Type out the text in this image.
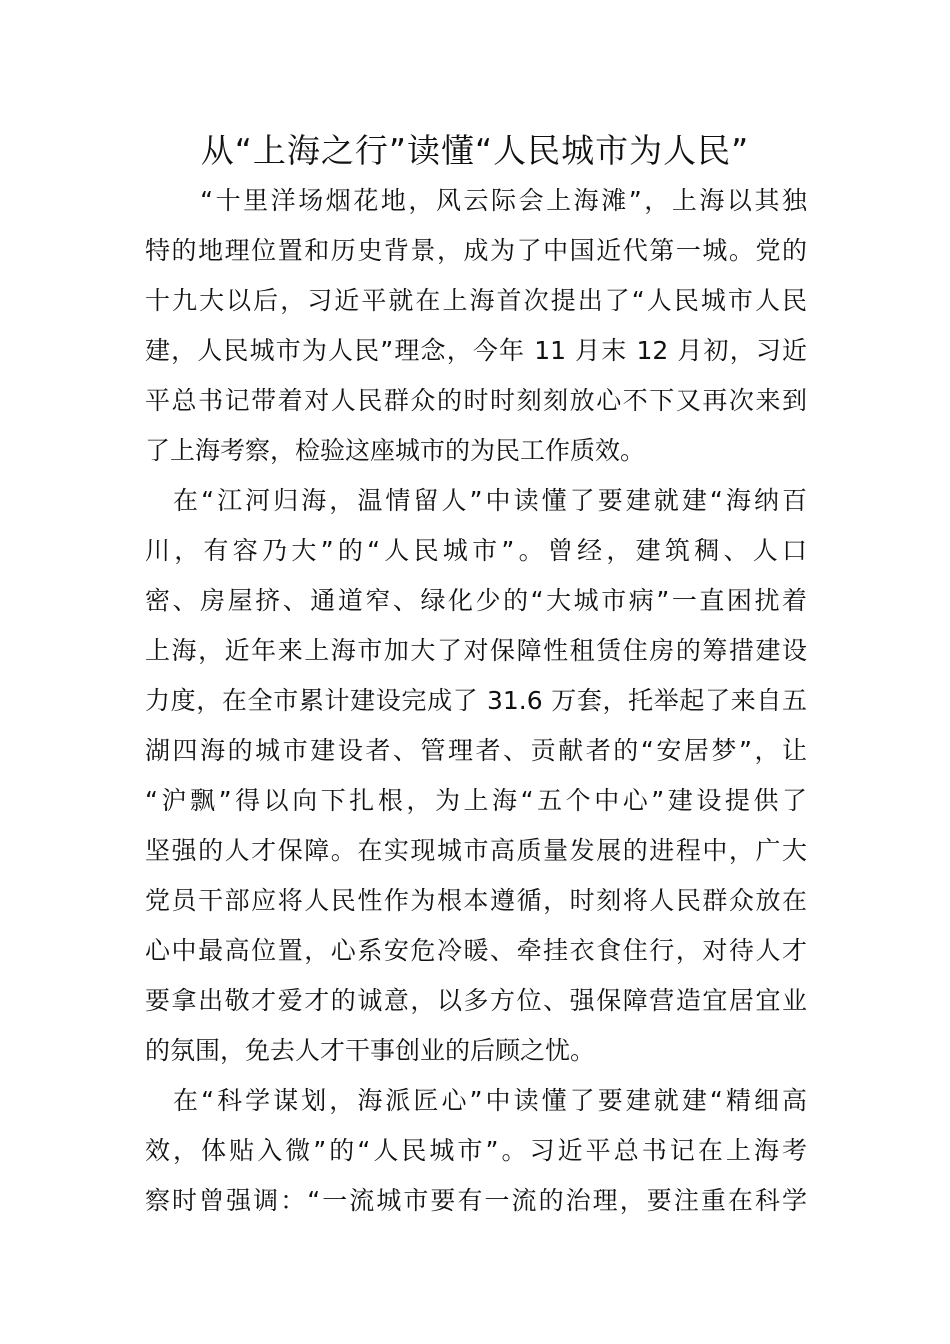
从“上海之行”读懂“人民城市为人民”
　　“十里洋场烟花地，风云际会上海滩”，上海以其独
特的地理位置和历史背景，成为了中国近代第一城。党的
十九大以后，习近平就在上海首次提出了“人民城市人民
建，人民城市为人民”理念，今年 11 月末 12 月初，习近
平总书记带着对人民群众的时时刻刻放心不下又再次来到
了上海考察，检验这座城市的为民工作质效。
　在“江河归海，温情留人”中读懂了要建就建“海纳百
川，有容乃大”的“人民城市”。曾经，建筑稠、人口
密、房屋挤、通道窄、绿化少的“大城市病”一直困扰着
上海，近年来上海市加大了对保障性租赁住房的筹措建设
力度，在全市累计建设完成了 31.6 万套，托举起了来自五
湖四海的城市建设者、管理者、贡献者的“安居梦”，让
“沪飘”得以向下扎根，为上海“五个中心”建设提供了
坚强的人才保障。在实现城市高质量发展的进程中，广大
党员干部应将人民性作为根本遵循，时刻将人民群众放在
心中最高位置，心系安危冷暖、牵挂衣食住行，对待人才
要拿出敬才爱才的诚意，以多方位、强保障营造宜居宜业
的氛围，免去人才干事创业的后顾之忧。
　在“科学谋划，海派匠心”中读懂了要建就建“精细高
效，体贴入微”的“人民城市”。习近平总书记在上海考
察时曾强调：“一流城市要有一流的治理，要注重在科学
